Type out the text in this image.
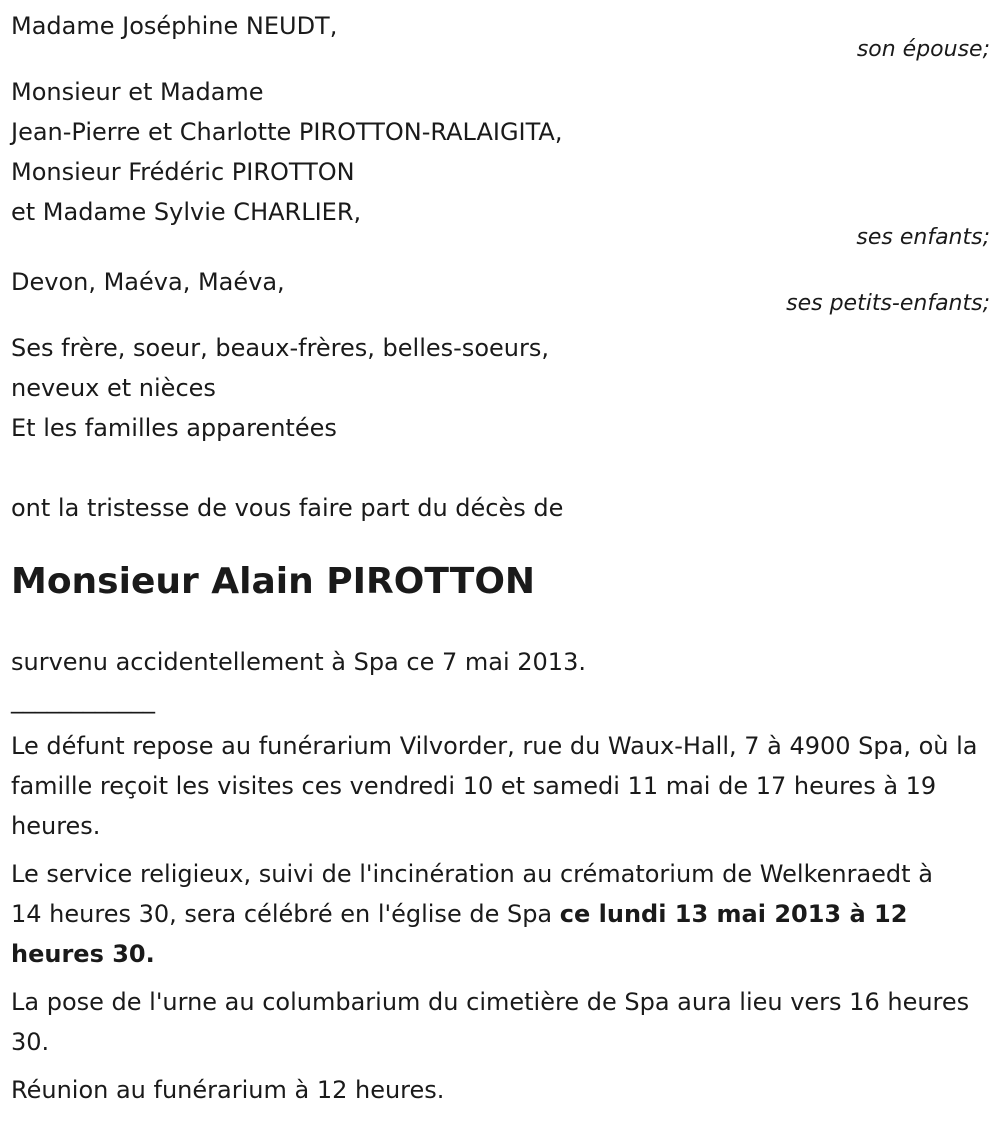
Madame Joséphine NEUDT,

son épouse;

Monsieur et Madame

Jean-Pierre et Charlotte PIROTTON-RALAIGITA,

Monsieur Frédéric PIROTTON

et Madame Sylvie CHARLIER,

ses enfants;

Devon, Maéva, Maéva,

ses petits-enfants;

Ses frère, soeur, beaux-frères, belles-soeurs,

neveux et nièces

Et les familles apparentées

ont la tristesse de vous faire part du décès de

Monsieur Alain PIROTTON

survenu accidentellement à Spa ce 7 mai 2013.

____________

Le défunt repose au funérarium Vilvorder, rue du Waux-Hall, 7 à 4900 Spa, où la famille reçoit les visites ces vendredi 10 et samedi 11 mai de 17 heures à 19 heures.

Le service religieux, suivi de l'incinération au crématorium de Welkenraedt à 14 heures 30, sera célébré en l'église de Spa ce lundi 13 mai 2013 à 12 heures 30.

La pose de l'urne au columbarium du cimetière de Spa aura lieu vers 16 heures 30.

Réunion au funérarium à 12 heures.
